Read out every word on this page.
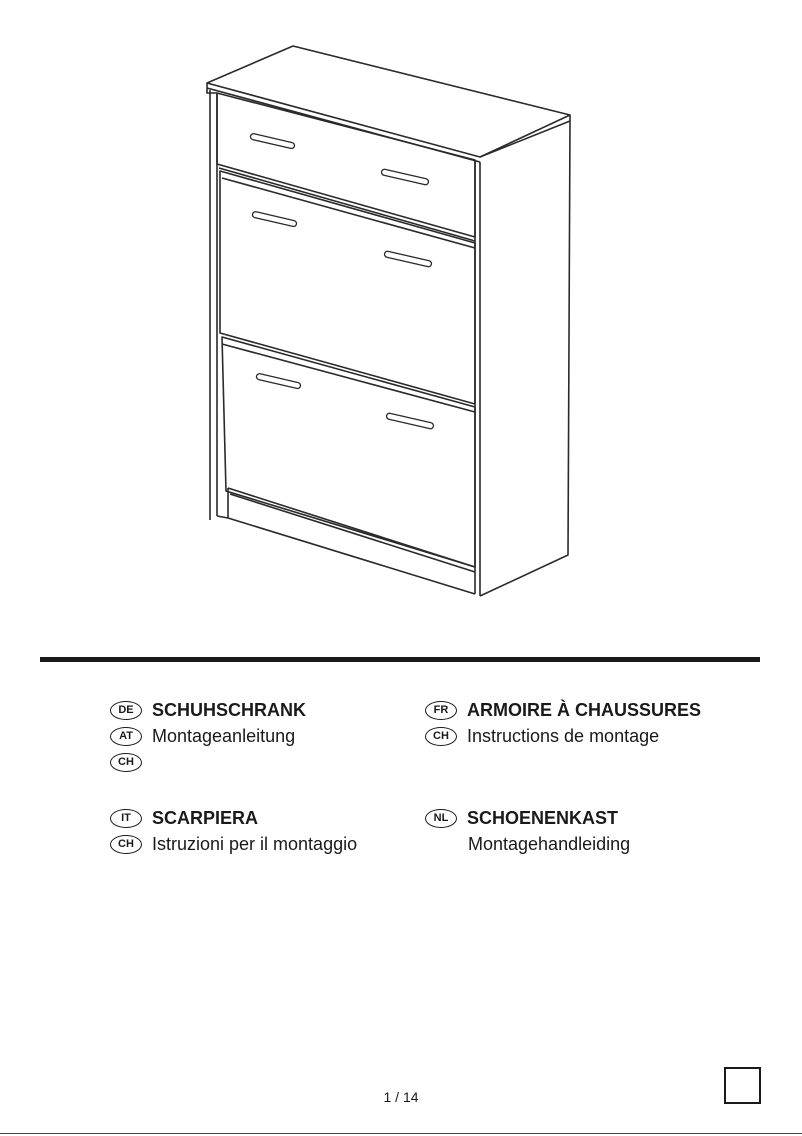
DE	SCHUHSCHRANK
AT	Montageanleitung
CH
FR	ARMOIRE À CHAUSSURES
CH	Instructions de montage
IT	SCARPIERA
CH	Istruzioni per il montaggio
NL	SCHOENENKAST
Montagehandleiding
1 / 14
